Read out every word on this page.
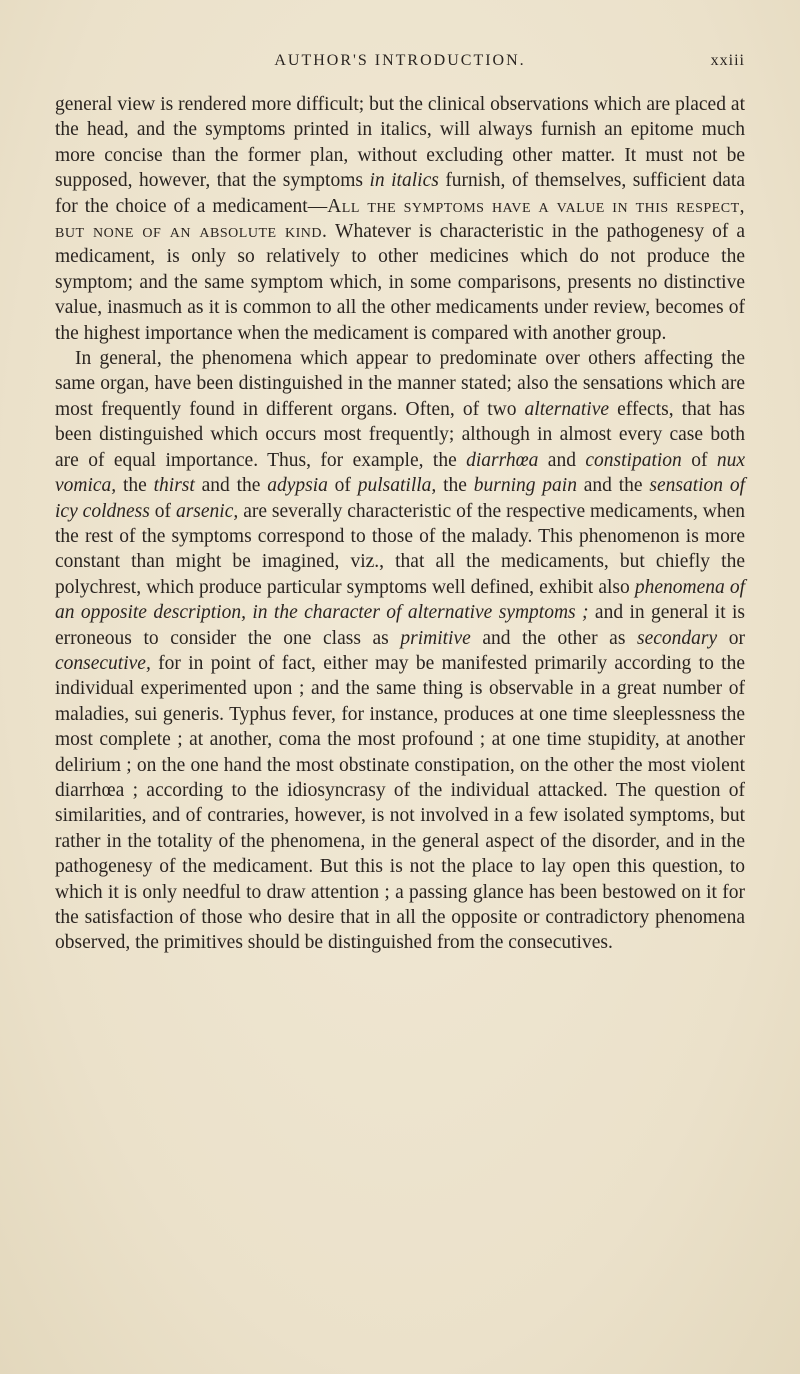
AUTHOR'S INTRODUCTION.	xxiii

general view is rendered more difficult; but the clinical observations which are placed at the head, and the symptoms printed in italics, will always furnish an epitome much more concise than the former plan, without excluding other matter. It must not be supposed, however, that the symptoms in italics furnish, of themselves, sufficient data for the choice of a medicament—All the symptoms have a value in this respect, but none of an absolute kind. Whatever is characteristic in the pathogenesy of a medicament, is only so relatively to other medicines which do not produce the symptom; and the same symptom which, in some comparisons, presents no distinctive value, inasmuch as it is common to all the other medicaments under review, becomes of the highest importance when the medicament is compared with another group.

In general, the phenomena which appear to predominate over others affecting the same organ, have been distinguished in the manner stated; also the sensations which are most frequently found in different organs. Often, of two alternative effects, that has been distinguished which occurs most frequently; although in almost every case both are of equal importance. Thus, for example, the diarrhœa and constipation of nux vomica, the thirst and the adypsia of pulsatilla, the burning pain and the sensation of icy coldness of arsenic, are severally characteristic of the respective medicaments, when the rest of the symptoms correspond to those of the malady. This phenomenon is more constant than might be imagined, viz., that all the medicaments, but chiefly the polychrest, which produce particular symptoms well defined, exhibit also phenomena of an opposite description, in the character of alternative symptoms ; and in general it is erroneous to consider the one class as primitive and the other as secondary or consecutive, for in point of fact, either may be manifested primarily according to the individual experimented upon ; and the same thing is observable in a great number of maladies, sui generis. Typhus fever, for instance, produces at one time sleeplessness the most complete ; at another, coma the most profound ; at one time stupidity, at another delirium ; on the one hand the most obstinate constipation, on the other the most violent diarrhœa ; according to the idiosyncrasy of the individual attacked. The question of similarities, and of contraries, however, is not involved in a few isolated symptoms, but rather in the totality of the phenomena, in the general aspect of the disorder, and in the pathogenesy of the medicament. But this is not the place to lay open this question, to which it is only needful to draw attention ; a passing glance has been bestowed on it for the satisfaction of those who desire that in all the opposite or contradictory phenomena observed, the primitives should be distinguished from the consecutives.
